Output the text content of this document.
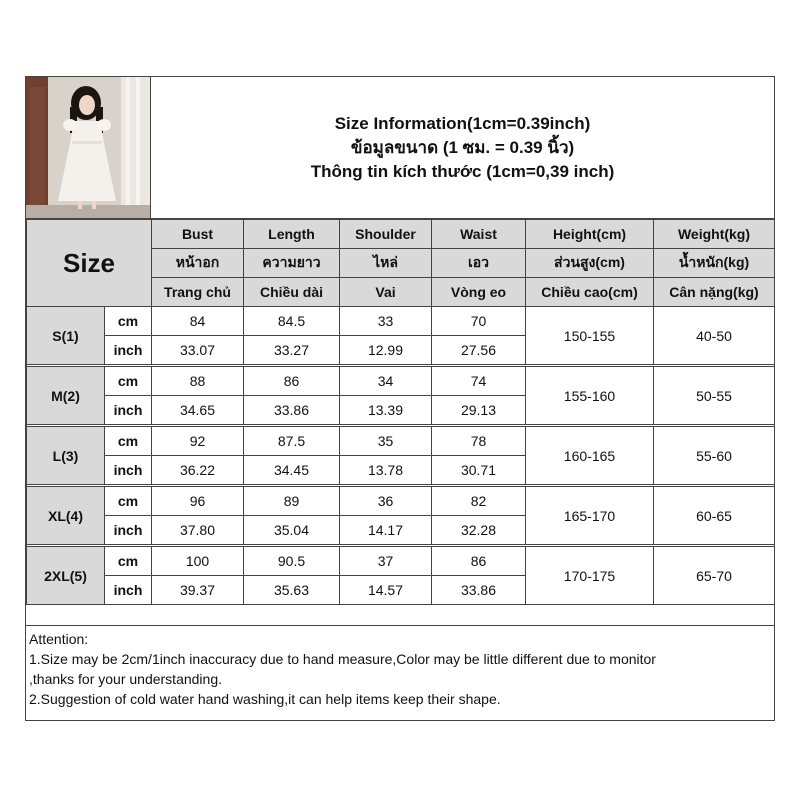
Size Information(1cm=0.39inch)
ข้อมูลขนาด (1 ซม. = 0.39 นิ้ว)
Thông tin kích thước (1cm=0,39 inch)
Size		Bust	Length	Shoulder	Waist	Height(cm)	Weight(kg)
		หน้าอก	ความยาว	ไหล่	เอว	ส่วนสูง(cm)	น้ำหนัก(kg)
		Trang chủ	Chiều dài	Vai	Vòng eo	Chiều cao(cm)	Cân nặng(kg)
S(1)	cm	84	84.5	33	70	150-155	40-50
	inch	33.07	33.27	12.99	27.56		

M(2)	cm	88	86	34	74	155-160	50-55
	inch	34.65	33.86	13.39	29.13		

L(3)	cm	92	87.5	35	78	160-165	55-60
	inch	36.22	34.45	13.78	30.71		

XL(4)	cm	96	89	36	82	165-170	60-65
	inch	37.80	35.04	14.17	32.28		

2XL(5)	cm	100	90.5	37	86	170-175	65-70
	inch	39.37	35.63	14.57	33.86		
Attention:
1.Size may be 2cm/1inch inaccuracy due to hand measure,Color may be little different due to monitor
,thanks for your understanding.
2.Suggestion of cold water hand washing,it can help items keep their shape.
